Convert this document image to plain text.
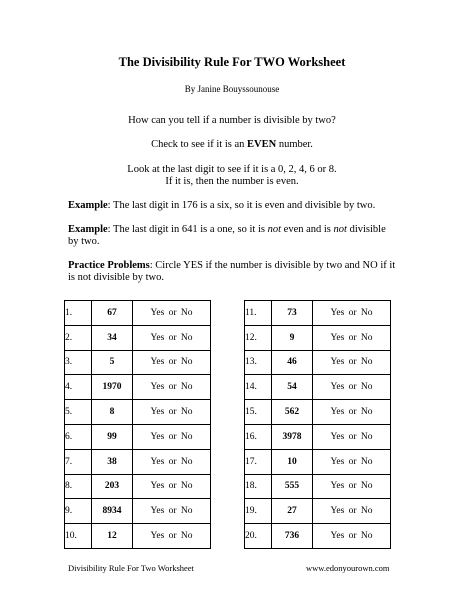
The Divisibility Rule For TWO Worksheet
By Janine Bouyssounouse
How can you tell if a number is divisible by two?
Check to see if it is an EVEN number.
Look at the last digit to see if it is a 0, 2, 4, 6 or 8.
If it is, then the number is even.
Example: The last digit in 176 is a six, so it is even and divisible by two.
Example: The last digit in 641 is a one, so it is not even and is not divisible by two.
Practice Problems: Circle YES if the number is divisible by two and NO if it is not divisible by two.
1.	67	Yes or No
2.	34	Yes or No
3.	5	Yes or No
4.	1970	Yes or No
5.	8	Yes or No
6.	99	Yes or No
7.	38	Yes or No
8.	203	Yes or No
9.	8934	Yes or No
10.	12	Yes or No
11.	73	Yes or No
12.	9	Yes or No
13.	46	Yes or No
14.	54	Yes or No
15.	562	Yes or No
16.	3978	Yes or No
17.	10	Yes or No
18.	555	Yes or No
19.	27	Yes or No
20.	736	Yes or No
Divisibility Rule For Two Worksheet	www.edonyourown.com
